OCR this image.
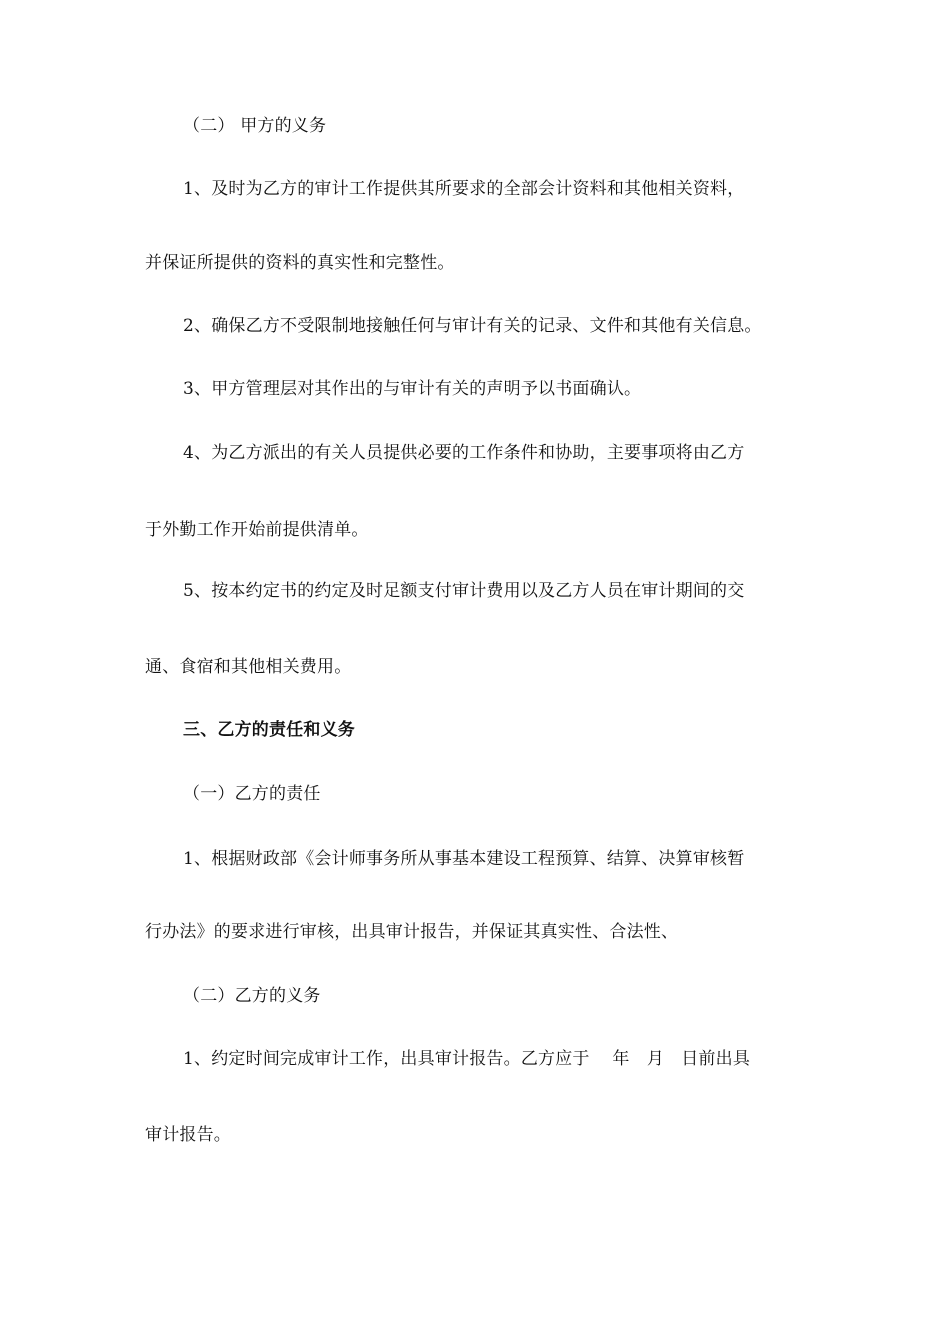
（二） 甲方的义务

1、及时为乙方的审计工作提供其所要求的全部会计资料和其他相关资料，

并保证所提供的资料的真实性和完整性。

2、确保乙方不受限制地接触任何与审计有关的记录、文件和其他有关信息。

3、甲方管理层对其作出的与审计有关的声明予以书面确认。

4、为乙方派出的有关人员提供必要的工作条件和协助，主要事项将由乙方

于外勤工作开始前提供清单。

5、按本约定书的约定及时足额支付审计费用以及乙方人员在审计期间的交

通、食宿和其他相关费用。

三、乙方的责任和义务

（一）乙方的责任

1、根据财政部《会计师事务所从事基本建设工程预算、结算、决算审核暂

行办法》的要求进行审核，出具审计报告，并保证其真实性、合法性、

（二）乙方的义务

1、约定时间完成审计工作，出具审计报告。乙方应于　 年　月　日前出具

审计报告。
